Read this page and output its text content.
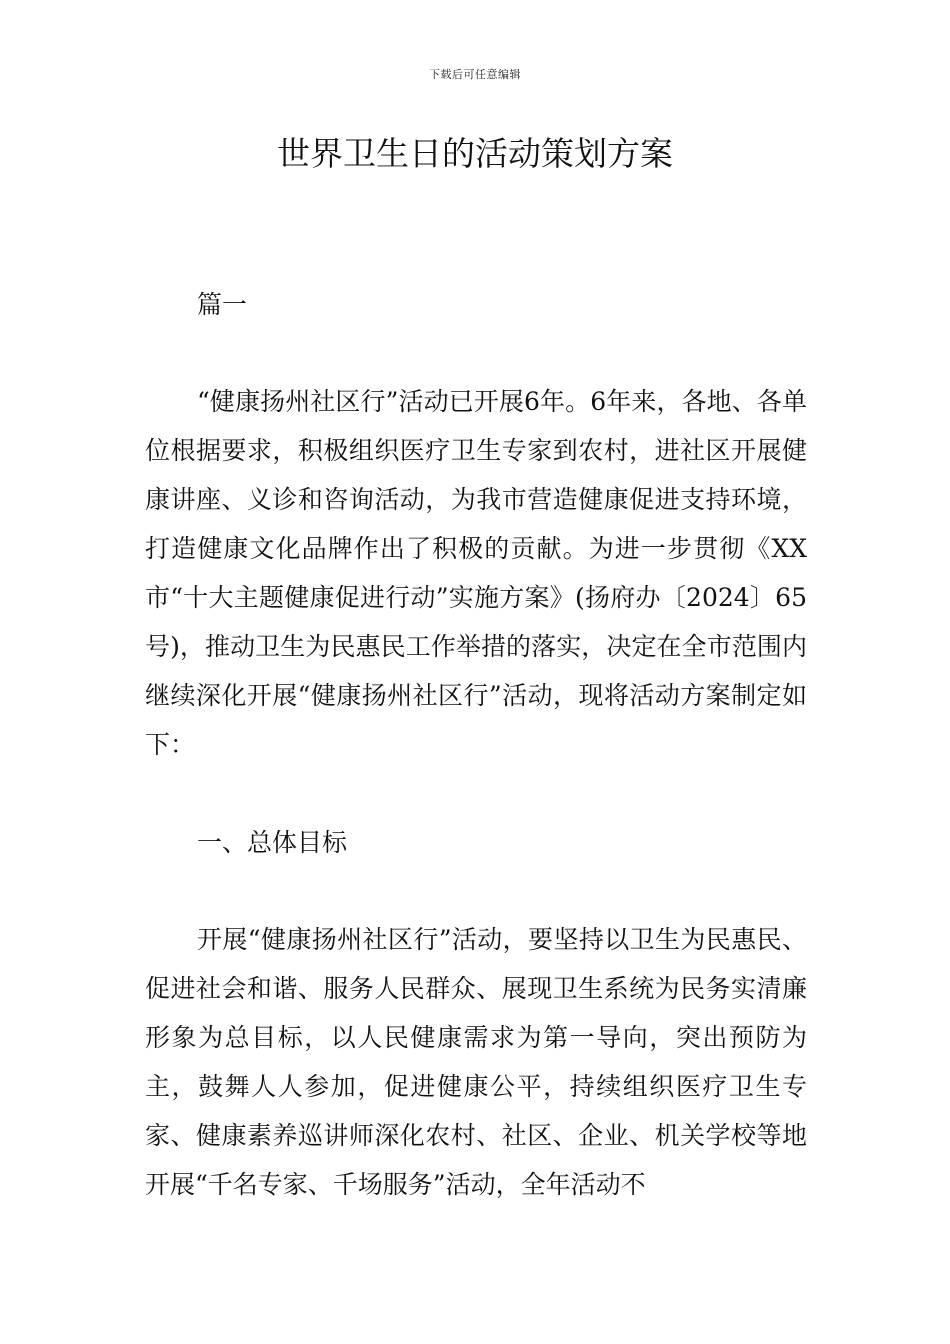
下载后可任意编辑
世界卫生日的活动策划方案

篇一

“健康扬州社区行”活动已开展6年。6年来，各地、各单位根据要求，积极组织医疗卫生专家到农村，进社区开展健康讲座、义诊和咨询活动，为我市营造健康促进支持环境，打造健康文化品牌作出了积极的贡献。为进一步贯彻《XX市“十大主题健康促进行动”实施方案》(扬府办〔2024〕65号)，推动卫生为民惠民工作举措的落实，决定在全市范围内继续深化开展“健康扬州社区行”活动，现将活动方案制定如下：

一、总体目标

开展“健康扬州社区行”活动，要坚持以卫生为民惠民、促进社会和谐、服务人民群众、展现卫生系统为民务实清廉形象为总目标，以人民健康需求为第一导向，突出预防为主，鼓舞人人参加，促进健康公平，持续组织医疗卫生专家、健康素养巡讲师深化农村、社区、企业、机关学校等地开展“千名专家、千场服务”活动，全年活动不
